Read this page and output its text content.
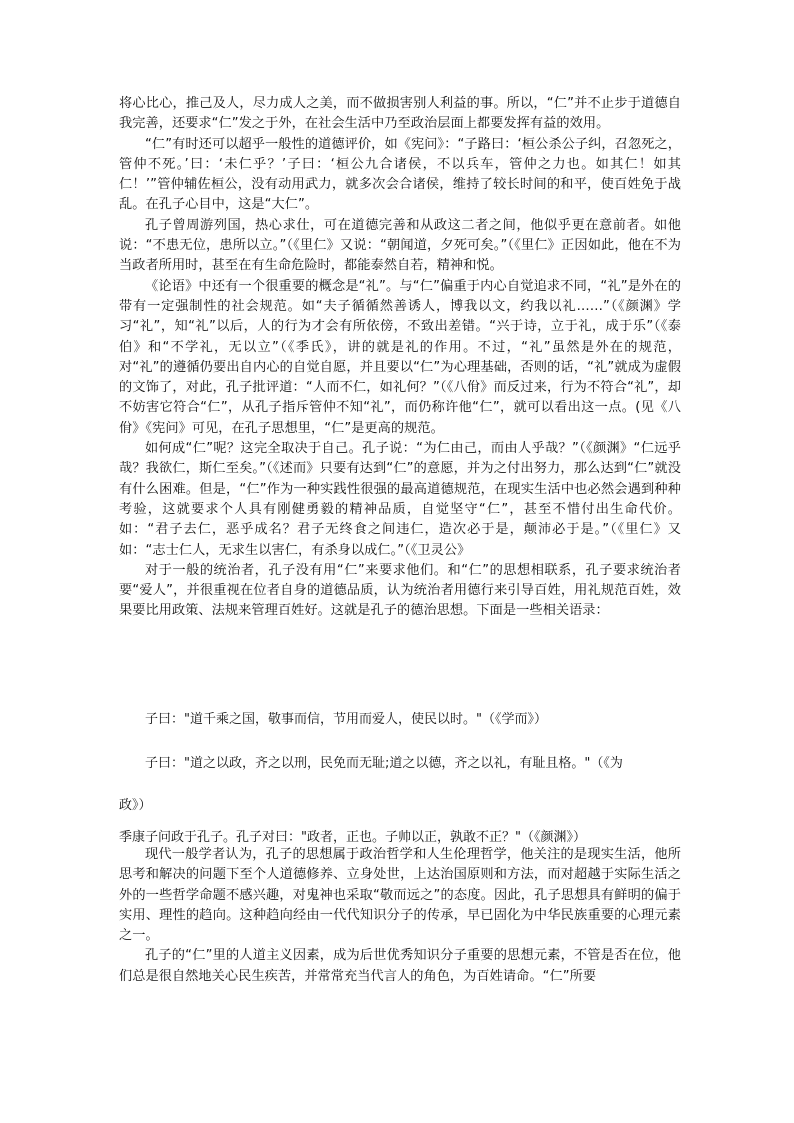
将心比心，推己及人，尽力成人之美，而不做损害别人利益的事。所以，“仁”并不止步于道德自我完善，还要求“仁”发之于外，在社会生活中乃至政治层面上都要发挥有益的效用。

“仁”有时还可以超乎一般性的道德评价，如《宪问》：“子路曰：‘桓公杀公子纠，召忽死之，管仲不死。’曰：‘未仁乎？’子曰：‘桓公九合诸侯，不以兵车，管仲之力也。如其仁！如其仁！’”管仲辅佐桓公，没有动用武力，就多次会合诸侯，维持了较长时间的和平，使百姓免于战乱。在孔子心目中，这是“大仁”。

孔子曾周游列国，热心求仕，可在道德完善和从政这二者之间，他似乎更在意前者。如他说：“不患无位，患所以立。”（《里仁》又说：“朝闻道，夕死可矣。”（《里仁》正因如此，他在不为当政者所用时，甚至在有生命危险时，都能泰然自若，精神和悦。

《论语》中还有一个很重要的概念是“礼”。与“仁”偏重于内心自觉追求不同，“礼”是外在的带有一定强制性的社会规范。如“夫子循循然善诱人，博我以文，约我以礼……”（《颜渊》学习“礼”，知“礼”以后，人的行为才会有所依傍，不致出差错。“兴于诗，立于礼，成于乐”（《泰伯》和“不学礼，无以立”（《季氏》，讲的就是礼的作用。不过，“礼”虽然是外在的规范，对“礼”的遵循仍要出自内心的自觉自愿，并且要以“仁”为心理基础，否则的话，“礼”就成为虚假的文饰了，对此，孔子批评道：“人而不仁，如礼何？”（《八佾》而反过来，行为不符合“礼”，却不妨害它符合“仁”，从孔子指斥管仲不知“礼”，而仍称许他“仁”，就可以看出这一点。(见《八佾》《宪问》可见，在孔子思想里，“仁”是更高的规范。

如何成“仁”呢？这完全取决于自己。孔子说：“为仁由己，而由人乎哉？”（《颜渊》“仁远乎哉？我欲仁，斯仁至矣。”（《述而》只要有达到“仁”的意愿，并为之付出努力，那么达到“仁”就没有什么困难。但是，“仁”作为一种实践性很强的最高道德规范，在现实生活中也必然会遇到种种考验，这就要求个人具有刚健勇毅的精神品质，自觉坚守“仁”，甚至不惜付出生命代价。如：“君子去仁，恶乎成名？君子无终食之间违仁，造次必于是，颠沛必于是。”（《里仁》又如：“志士仁人，无求生以害仁，有杀身以成仁。”（《卫灵公》

对于一般的统治者，孔子没有用“仁”来要求他们。和“仁”的思想相联系，孔子要求统治者要“爱人”，并很重视在位者自身的道德品质，认为统治者用德行来引导百姓，用礼规范百姓，效果要比用政策、法规来管理百姓好。这就是孔子的德治思想。下面是一些相关语录：

子曰："道千乘之国，敬事而信，节用而爱人，使民以时。"（《学而》）
子曰："道之以政，齐之以刑，民免而无耻;道之以德，齐之以礼，有耻且格。"（《为
政》）
季康子问政于孔子。孔子对曰："政者，正也。子帅以正，孰敢不正？"（《颜渊》）

现代一般学者认为，孔子的思想属于政治哲学和人生伦理哲学，他关注的是现实生活，他所思考和解决的问题下至个人道德修养、立身处世，上达治国原则和方法，而对超越于实际生活之外的一些哲学命题不感兴趣，对鬼神也采取“敬而远之”的态度。因此，孔子思想具有鲜明的偏于实用、理性的趋向。这种趋向经由一代代知识分子的传承，早已固化为中华民族重要的心理元素之一。

孔子的“仁”里的人道主义因素，成为后世优秀知识分子重要的思想元素，不管是否在位，他们总是很自然地关心民生疾苦，并常常充当代言人的角色，为百姓请命。“仁”所要
